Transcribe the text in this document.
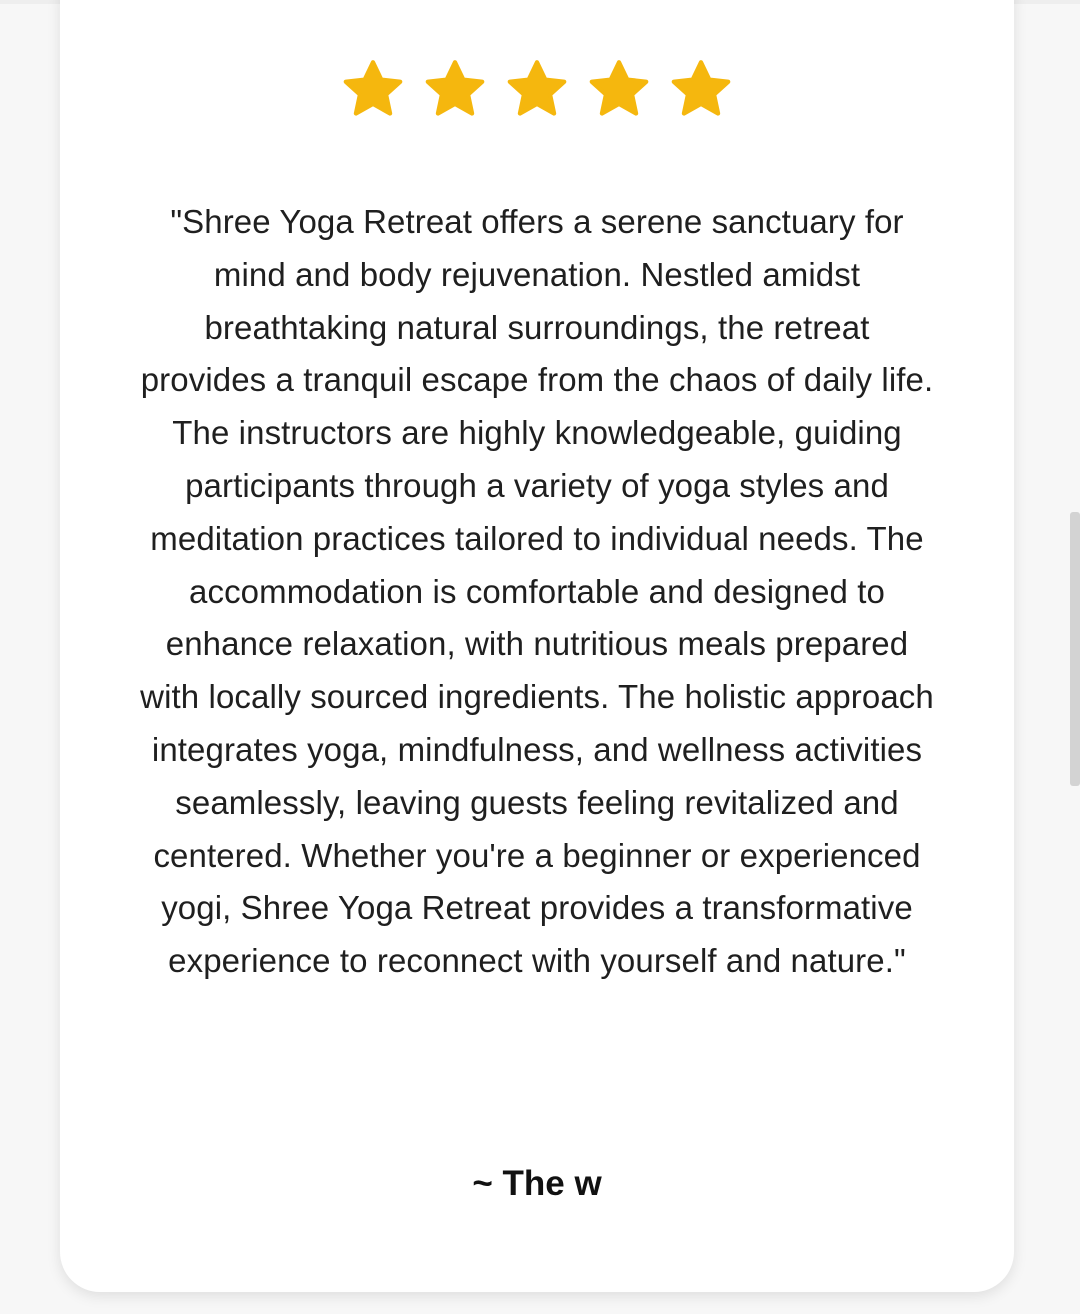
"Shree Yoga Retreat offers a serene sanctuary for mind and body rejuvenation. Nestled amidst breathtaking natural surroundings, the retreat provides a tranquil escape from the chaos of daily life. The instructors are highly knowledgeable, guiding participants through a variety of yoga styles and meditation practices tailored to individual needs. The accommodation is comfortable and designed to enhance relaxation, with nutritious meals prepared with locally sourced ingredients. The holistic approach integrates yoga, mindfulness, and wellness activities seamlessly, leaving guests feeling revitalized and centered. Whether you're a beginner or experienced yogi, Shree Yoga Retreat provides a transformative experience to reconnect with yourself and nature."

~ The w
